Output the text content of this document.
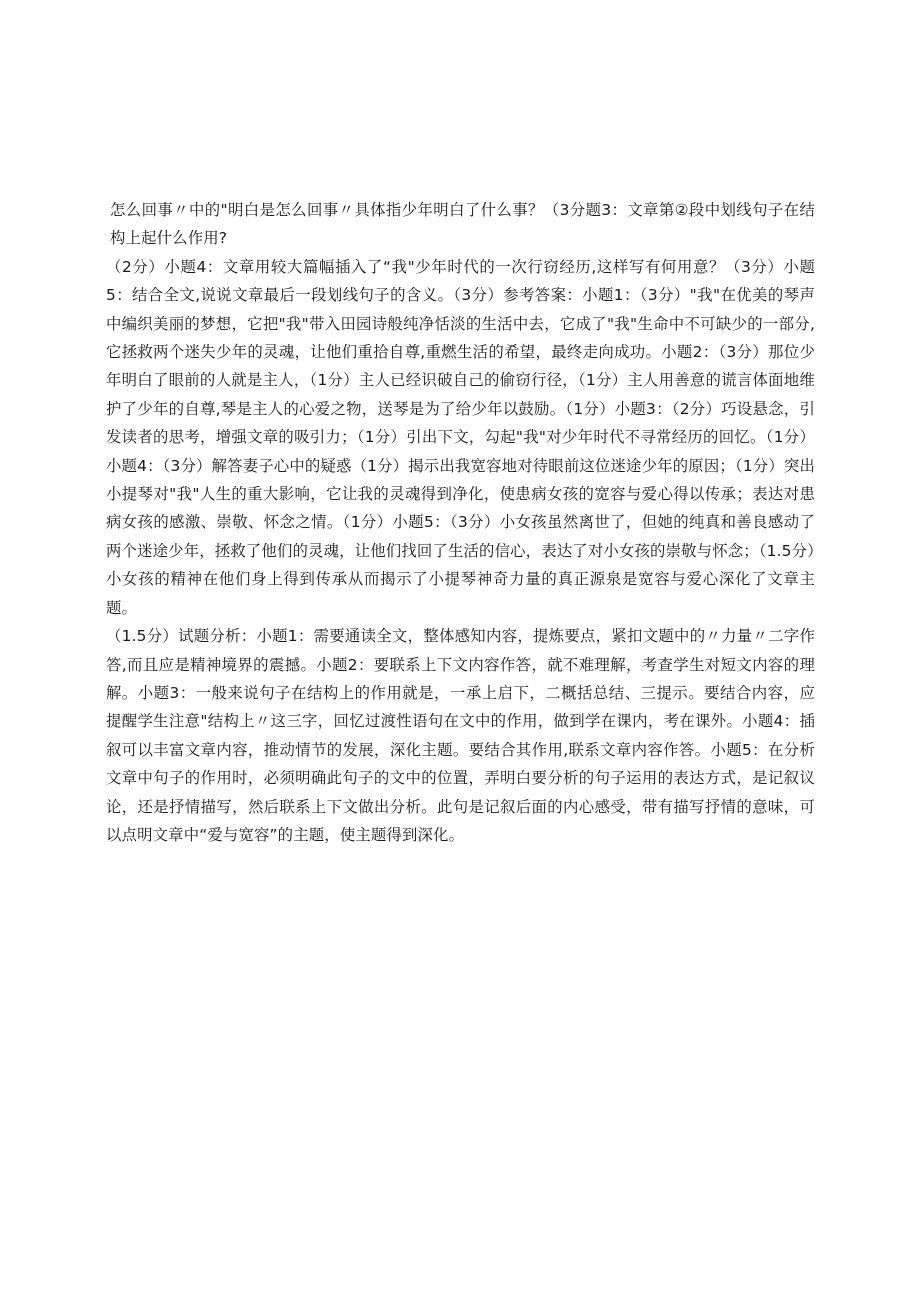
怎么回事〃中的"明白是怎么回事〃具体指少年明白了什么事？（3分题3：文章第②段中划线句子在结构上起什么作用?

（2分）小题4：文章用较大篇幅插入了“我"少年时代的一次行窃经历,这样写有何用意？（3分）小题5：结合全文,说说文章最后一段划线句子的含义。（3分）参考答案：小题1：（3分）"我"在优美的琴声中编织美丽的梦想，它把"我"带入田园诗般纯净恬淡的生活中去，它成了"我"生命中不可缺少的一部分,它拯救两个迷失少年的灵魂，让他们重拾自尊,重燃生活的希望，最终走向成功。小题2：（3分）那位少年明白了眼前的人就是主人，（1分）主人已经识破自己的偷窃行径，（1分）主人用善意的谎言体面地维护了少年的自尊,琴是主人的心爱之物，送琴是为了给少年以鼓励。（1分）小题3：（2分）巧设悬念，引发读者的思考，增强文章的吸引力；（1分）引出下文，勾起"我"对少年时代不寻常经历的回忆。（1分）小题4：（3分）解答妻子心中的疑惑（1分）揭示出我宽容地对待眼前这位迷途少年的原因；（1分）突出小提琴对"我"人生的重大影响，它让我的灵魂得到净化，使患病女孩的宽容与爱心得以传承；表达对患病女孩的感激、崇敬、怀念之情。（1分）小题5：（3分）小女孩虽然离世了，但她的纯真和善良感动了两个迷途少年，拯救了他们的灵魂，让他们找回了生活的信心，表达了对小女孩的崇敬与怀念；（1.5分）小女孩的精神在他们身上得到传承从而揭示了小提琴神奇力量的真正源泉是宽容与爱心深化了文章主题。

（1.5分）试题分析：小题1：需要通读全文，整体感知内容，提炼要点，紧扣文题中的〃力量〃二字作答,而且应是精神境界的震撼。小题2：要联系上下文内容作答，就不难理解，考查学生对短文内容的理解。小题3：一般来说句子在结构上的作用就是，一承上启下，二概括总结、三提示。要结合内容，应提醒学生注意"结构上〃这三字，回忆过渡性语句在文中的作用，做到学在课内，考在课外。小题4：插叙可以丰富文章内容，推动情节的发展，深化主题。要结合其作用,联系文章内容作答。小题5：在分析文章中句子的作用时，必须明确此句子的文中的位置，弄明白要分析的句子运用的表达方式，是记叙议论，还是抒情描写，然后联系上下文做出分析。此句是记叙后面的内心感受，带有描写抒情的意味，可以点明文章中“爱与宽容”的主题，使主题得到深化。
